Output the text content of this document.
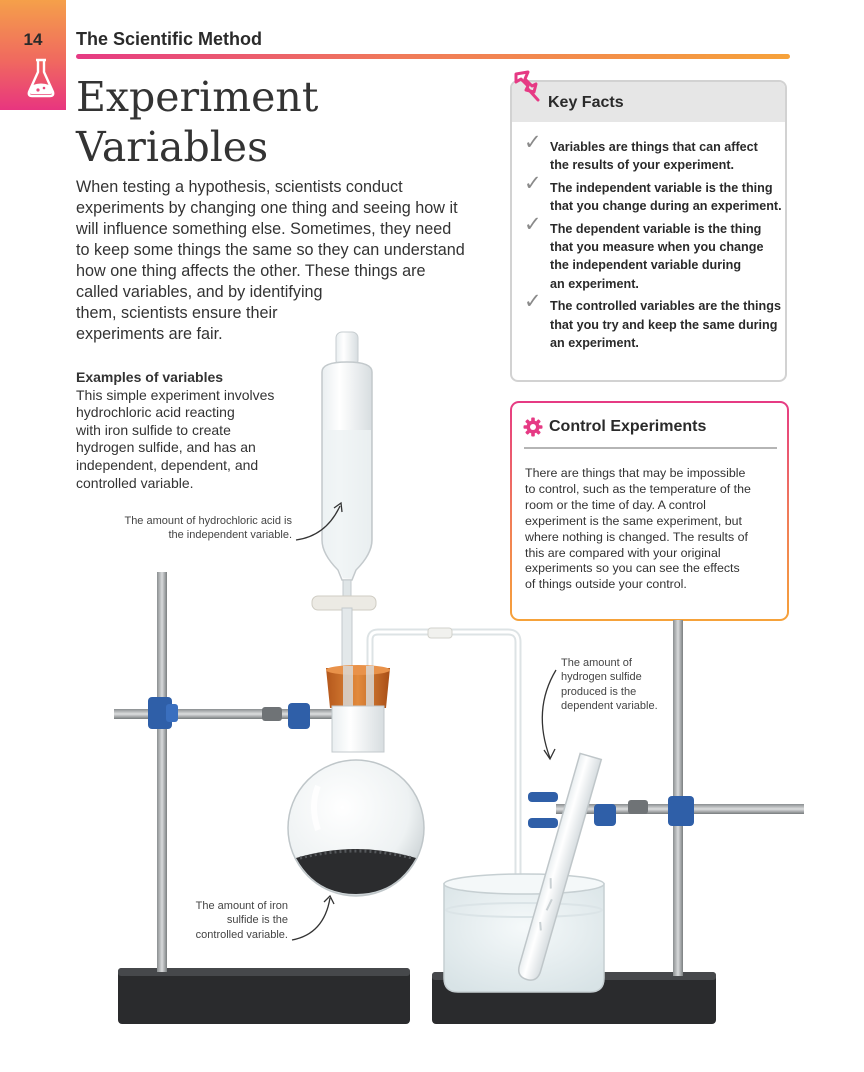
14	The Scientific Method
Experiment
Variables
When testing a hypothesis, scientists conduct
experiments by changing one thing and seeing how it
will influence something else. Sometimes, they need
to keep some things the same so they can understand
how one thing affects the other. These things are
called variables, and by identifying
them, scientists ensure their
experiments are fair.
Examples of variables
This simple experiment involves
hydrochloric acid reacting
with iron sulfide to create
hydrogen sulfide, and has an
independent, dependent, and
controlled variable.
Key Facts
✓ Variables are things that can affect
the results of your experiment.
✓ The independent variable is the thing
that you change during an experiment.
✓ The dependent variable is the thing
that you measure when you change
the independent variable during
an experiment.
✓ The controlled variables are the things
that you try and keep the same during
an experiment.
Control Experiments
There are things that may be impossible
to control, such as the temperature of the
room or the time of day. A control
experiment is the same experiment, but
where nothing is changed. The results of
this are compared with your original
experiments so you can see the effects
of things outside your control.
The amount of hydrochloric acid is
the independent variable.
The amount of
hydrogen sulfide
produced is the
dependent variable.
The amount of iron
sulfide is the
controlled variable.
